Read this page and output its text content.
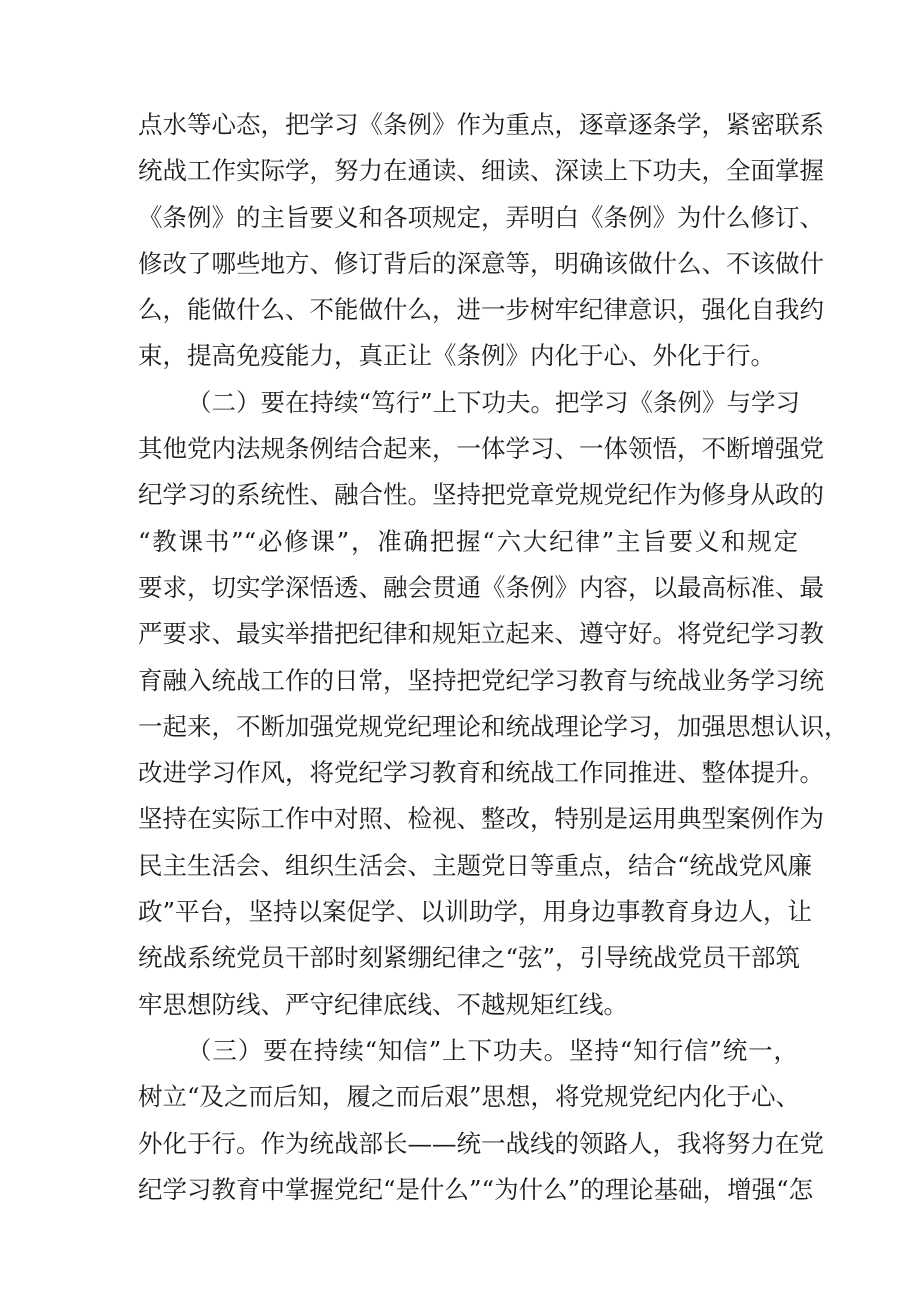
点水等心态，把学习《条例》作为重点，逐章逐条学，紧密联系
统战工作实际学，努力在通读、细读、深读上下功夫，全面掌握
《条例》的主旨要义和各项规定，弄明白《条例》为什么修订、
修改了哪些地方、修订背后的深意等，明确该做什么、不该做什
么，能做什么、不能做什么，进一步树牢纪律意识，强化自我约
束，提高免疫能力，真正让《条例》内化于心、外化于行。
（二）要在持续“笃行”上下功夫。把学习《条例》与学习
其他党内法规条例结合起来，一体学习、一体领悟，不断增强党
纪学习的系统性、融合性。坚持把党章党规党纪作为修身从政的
“教课书”“必修课”，准确把握“六大纪律”主旨要义和规定
要求，切实学深悟透、融会贯通《条例》内容，以最高标准、最
严要求、最实举措把纪律和规矩立起来、遵守好。将党纪学习教
育融入统战工作的日常，坚持把党纪学习教育与统战业务学习统
一起来，不断加强党规党纪理论和统战理论学习，加强思想认识，
改进学习作风，将党纪学习教育和统战工作同推进、整体提升。
坚持在实际工作中对照、检视、整改，特别是运用典型案例作为
民主生活会、组织生活会、主题党日等重点，结合“统战党风廉
政”平台，坚持以案促学、以训助学，用身边事教育身边人，让
统战系统党员干部时刻紧绷纪律之“弦”，引导统战党员干部筑
牢思想防线、严守纪律底线、不越规矩红线。
（三）要在持续“知信”上下功夫。坚持“知行信”统一，
树立“及之而后知，履之而后艰”思想，将党规党纪内化于心、
外化于行。作为统战部长——统一战线的领路人，我将努力在党
纪学习教育中掌握党纪“是什么”“为什么”的理论基础，增强“怎
